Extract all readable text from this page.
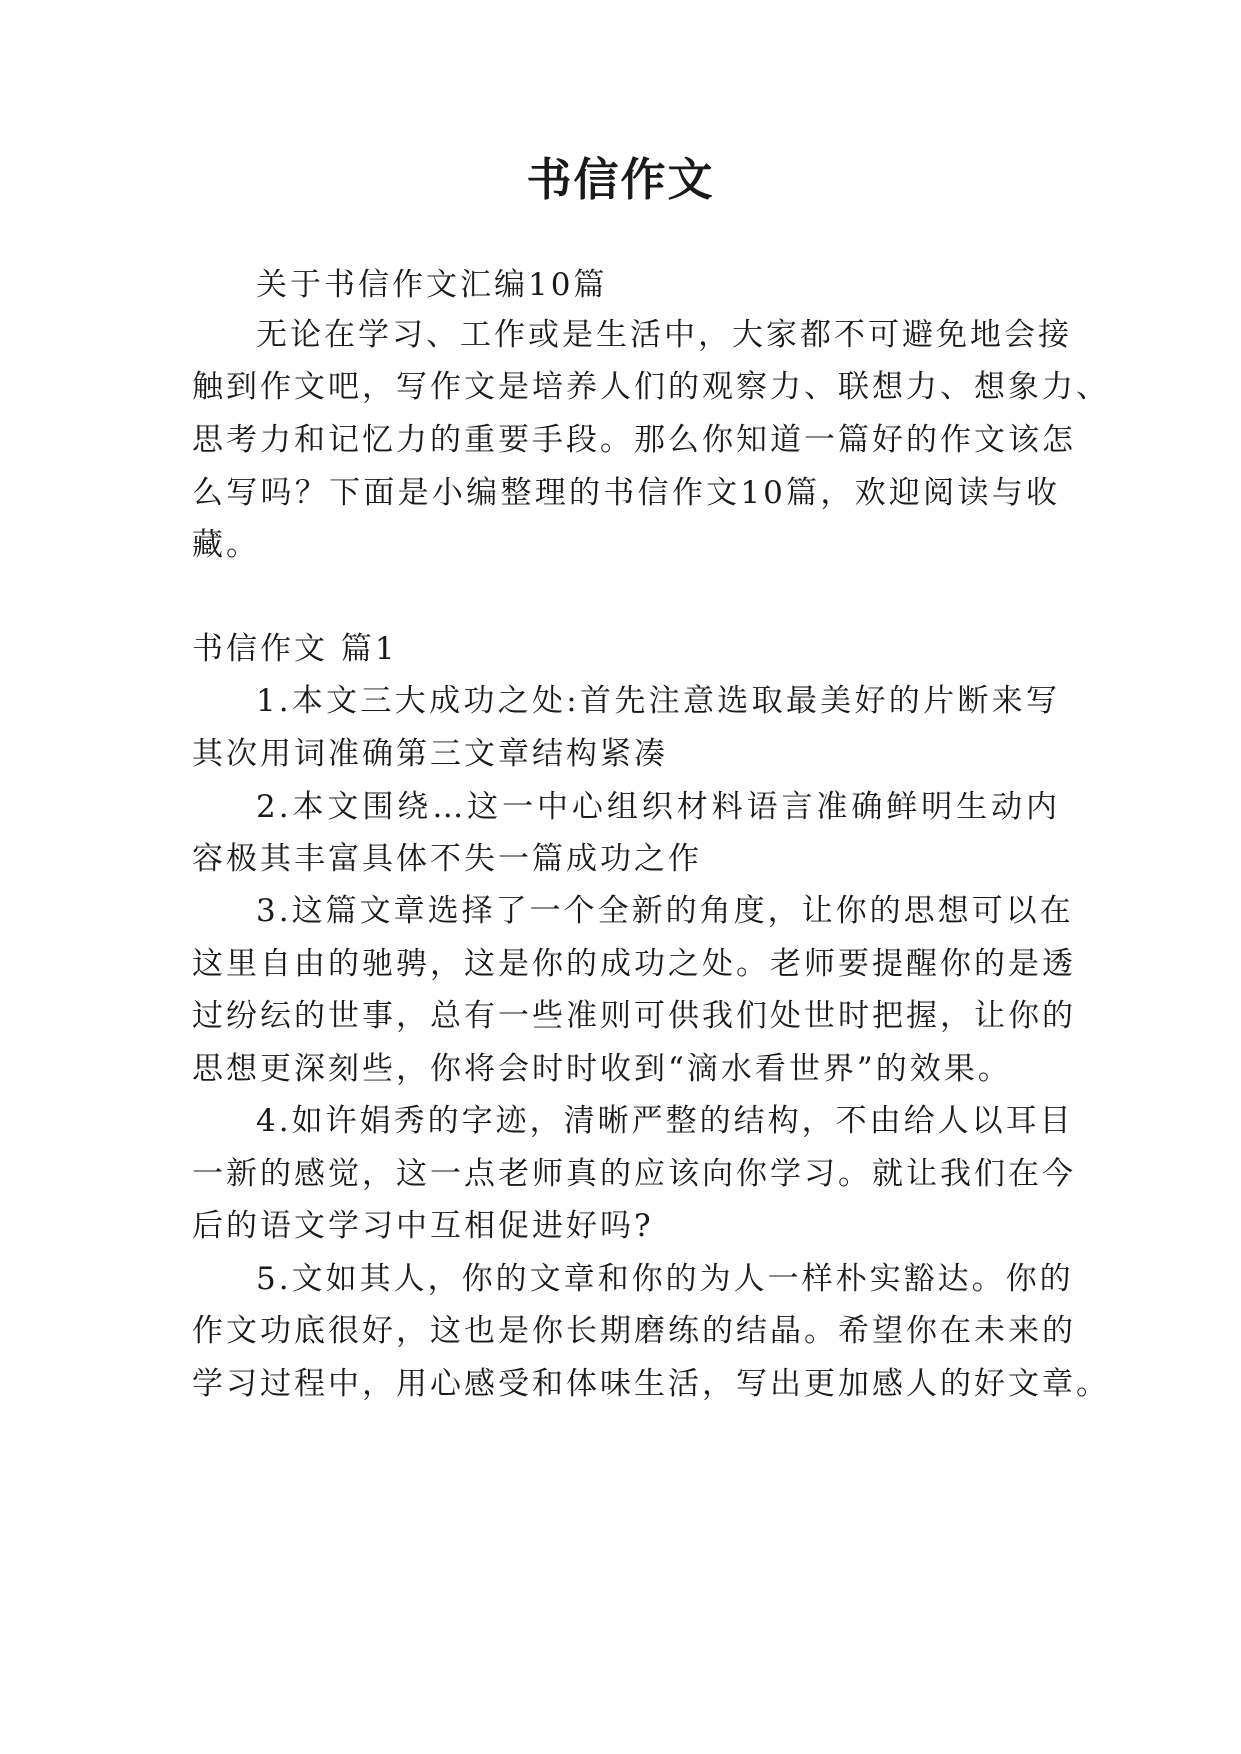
书信作文
关于书信作文汇编10篇
无论在学习、工作或是生活中，大家都不可避免地会接
触到作文吧，写作文是培养人们的观察力、联想力、想象力、
思考力和记忆力的重要手段。那么你知道一篇好的作文该怎
么写吗？下面是小编整理的书信作文10篇，欢迎阅读与收
藏。
书信作文 篇1
1.本文三大成功之处:首先注意选取最美好的片断来写
其次用词准确第三文章结构紧凑
2.本文围绕…这一中心组织材料语言准确鲜明生动内
容极其丰富具体不失一篇成功之作
3.这篇文章选择了一个全新的角度，让你的思想可以在
这里自由的驰骋，这是你的成功之处。老师要提醒你的是透
过纷纭的世事，总有一些准则可供我们处世时把握，让你的
思想更深刻些，你将会时时收到“滴水看世界”的效果。
4.如许娟秀的字迹，清晰严整的结构，不由给人以耳目
一新的感觉，这一点老师真的应该向你学习。就让我们在今
后的语文学习中互相促进好吗?
5.文如其人，你的文章和你的为人一样朴实豁达。你的
作文功底很好，这也是你长期磨练的结晶。希望你在未来的
学习过程中，用心感受和体味生活，写出更加感人的好文章。
